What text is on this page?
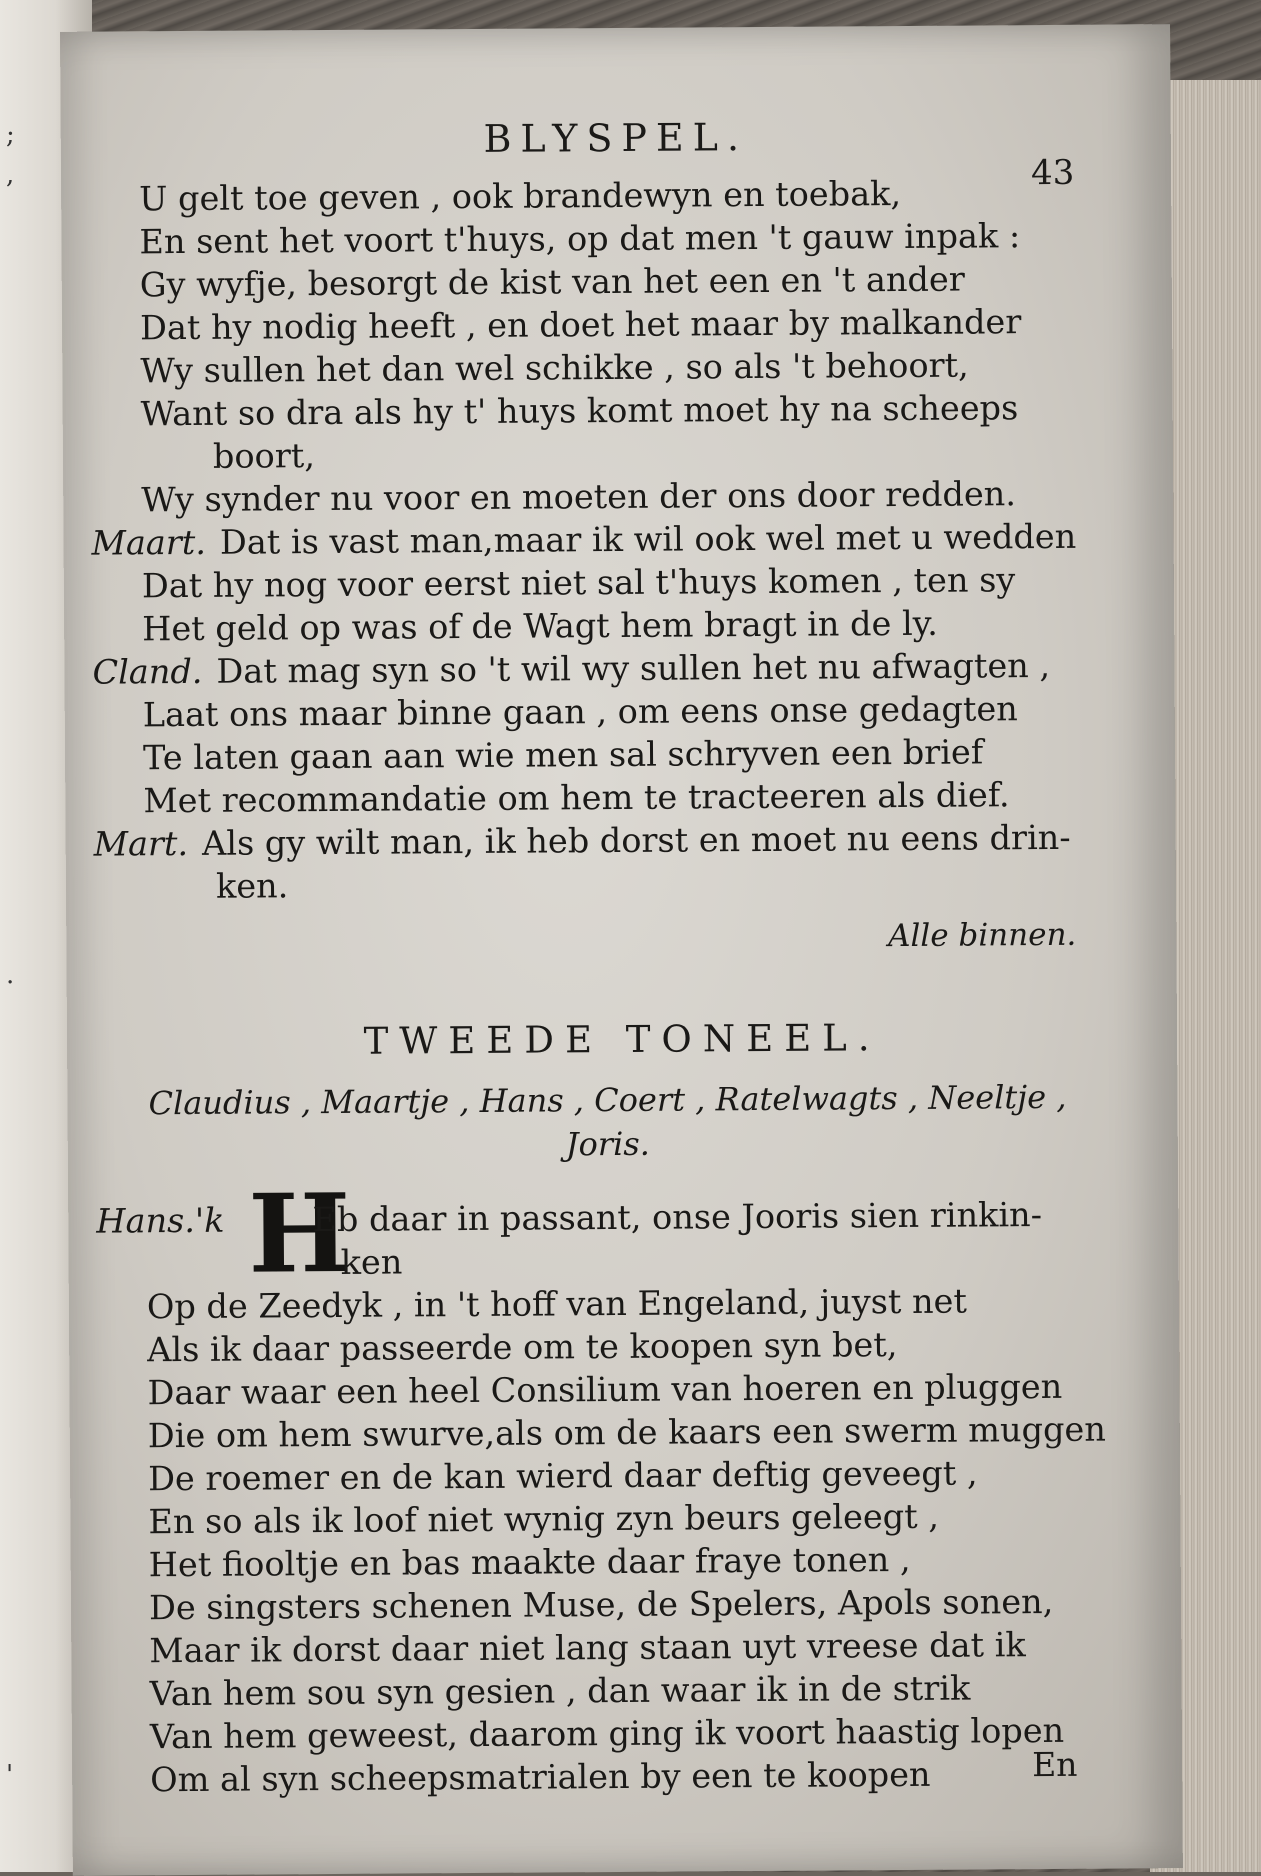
;
,
.
'
BLYSPEL.
43
U gelt toe geven , ook brandewyn en toebak,
En sent het voort t'huys, op dat men 't gauw inpak :
Gy wyfje, besorgt de kist van het een en 't ander
Dat hy nodig heeft , en doet het maar by malkander
Wy sullen het dan wel schikke , so als 't behoort,
Want so dra als hy t' huys komt moet hy na scheeps
boort,
Wy synder nu voor en moeten der ons door redden.
Maart. Dat is vast man,maar ik wil ook wel met u wedden
Dat hy nog voor eerst niet sal t'huys komen , ten sy
Het geld op was of de Wagt hem bragt in de ly.
Cland. Dat mag syn so 't wil wy sullen het nu afwagten ,
Laat ons maar binne gaan , om eens onse gedagten
Te laten gaan aan wie men sal schryven een brief
Met recommandatie om hem te tracteeren als dief.
Mart. Als gy wilt man, ik heb dorst en moet nu eens drin-
ken.
Alle binnen.
TWEEDE TONEEL.
Claudius , Maartje , Hans , Coert , Ratelwagts , Neeltje ,
Joris.
H
Hans.'k	Eb daar in passant, onse Jooris sien rinkin-
ken
Op de Zeedyk , in 't hoff van Engeland, juyst net
Als ik daar passeerde om te koopen syn bet,
Daar waar een heel Consilium van hoeren en pluggen
Die om hem swurve,als om de kaars een swerm muggen
De roemer en de kan wierd daar deftig geveegt ,
En so als ik loof niet wynig zyn beurs geleegt ,
Het fiooltje en bas maakte daar fraye tonen ,
De singsters schenen Muse, de Spelers, Apols sonen,
Maar ik dorst daar niet lang staan uyt vreese dat ik
Van hem sou syn gesien , dan waar ik in de strik
Van hem geweest, daarom ging ik voort haastig lopen
Om al syn scheepsmatrialen by een te koopen	En
